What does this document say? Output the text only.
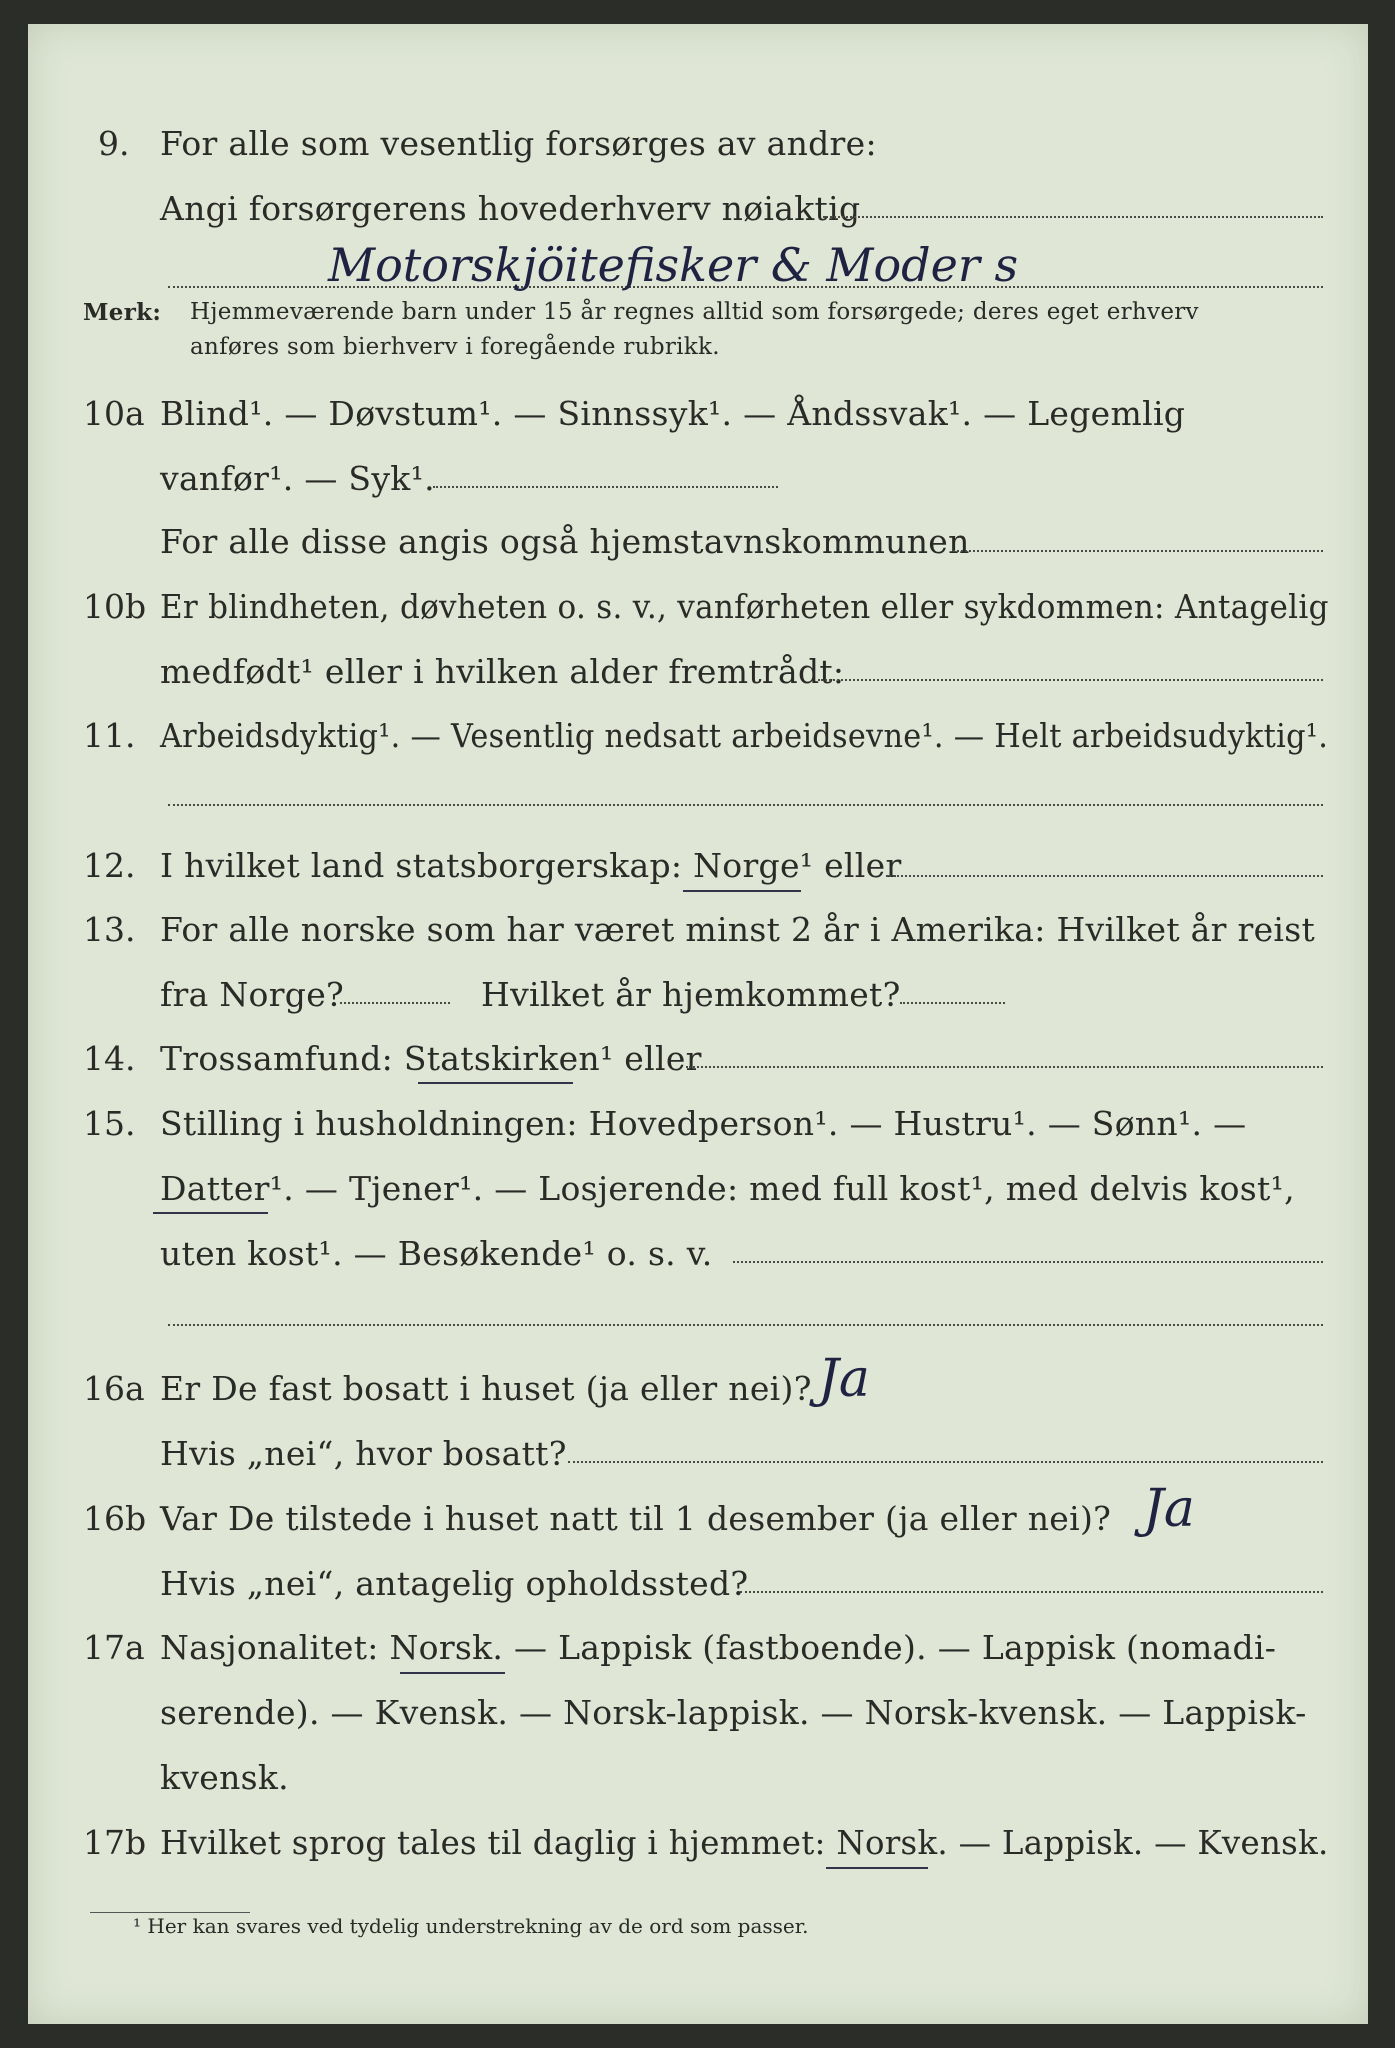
9. For alle som vesentlig forsørges av andre:
Angi forsørgerens hovederhverv nøiaktig
Motorskjöitefisker & Moder s
Merk: Hjemmeværende barn under 15 år regnes alltid som forsørgede; deres eget erhverv
anføres som bierhverv i foregående rubrikk.
10a Blind¹. — Døvstum¹. — Sinnssyk¹. — Åndssvak¹. — Legemlig
vanfør¹. — Syk¹.
For alle disse angis også hjemstavnskommunen
10b Er blindheten, døvheten o. s. v., vanførheten eller sykdommen: Antagelig
medfødt¹ eller i hvilken alder fremtrådt:
11. Arbeidsdyktig¹. — Vesentlig nedsatt arbeidsevne¹. — Helt arbeidsudyktig¹.
12. I hvilket land statsborgerskap: Norge¹ eller
13. For alle norske som har været minst 2 år i Amerika: Hvilket år reist
fra Norge?	Hvilket år hjemkommet?
14. Trossamfund: Statskirken¹ eller
15. Stilling i husholdningen: Hovedperson¹. — Hustru¹. — Sønn¹. —
Datter¹. — Tjener¹. — Losjerende: med full kost¹, med delvis kost¹,
uten kost¹. — Besøkende¹ o. s. v.
16a Er De fast bosatt i huset (ja eller nei)? Ja
Hvis „nei“, hvor bosatt?
16b Var De tilstede i huset natt til 1 desember (ja eller nei)? Ja
Hvis „nei“, antagelig opholdssted?
17a Nasjonalitet: Norsk. — Lappisk (fastboende). — Lappisk (nomadi-
serende). — Kvensk. — Norsk-lappisk. — Norsk-kvensk. — Lappisk-
kvensk.
17b Hvilket sprog tales til daglig i hjemmet: Norsk. — Lappisk. — Kvensk.
¹ Her kan svares ved tydelig understrekning av de ord som passer.
